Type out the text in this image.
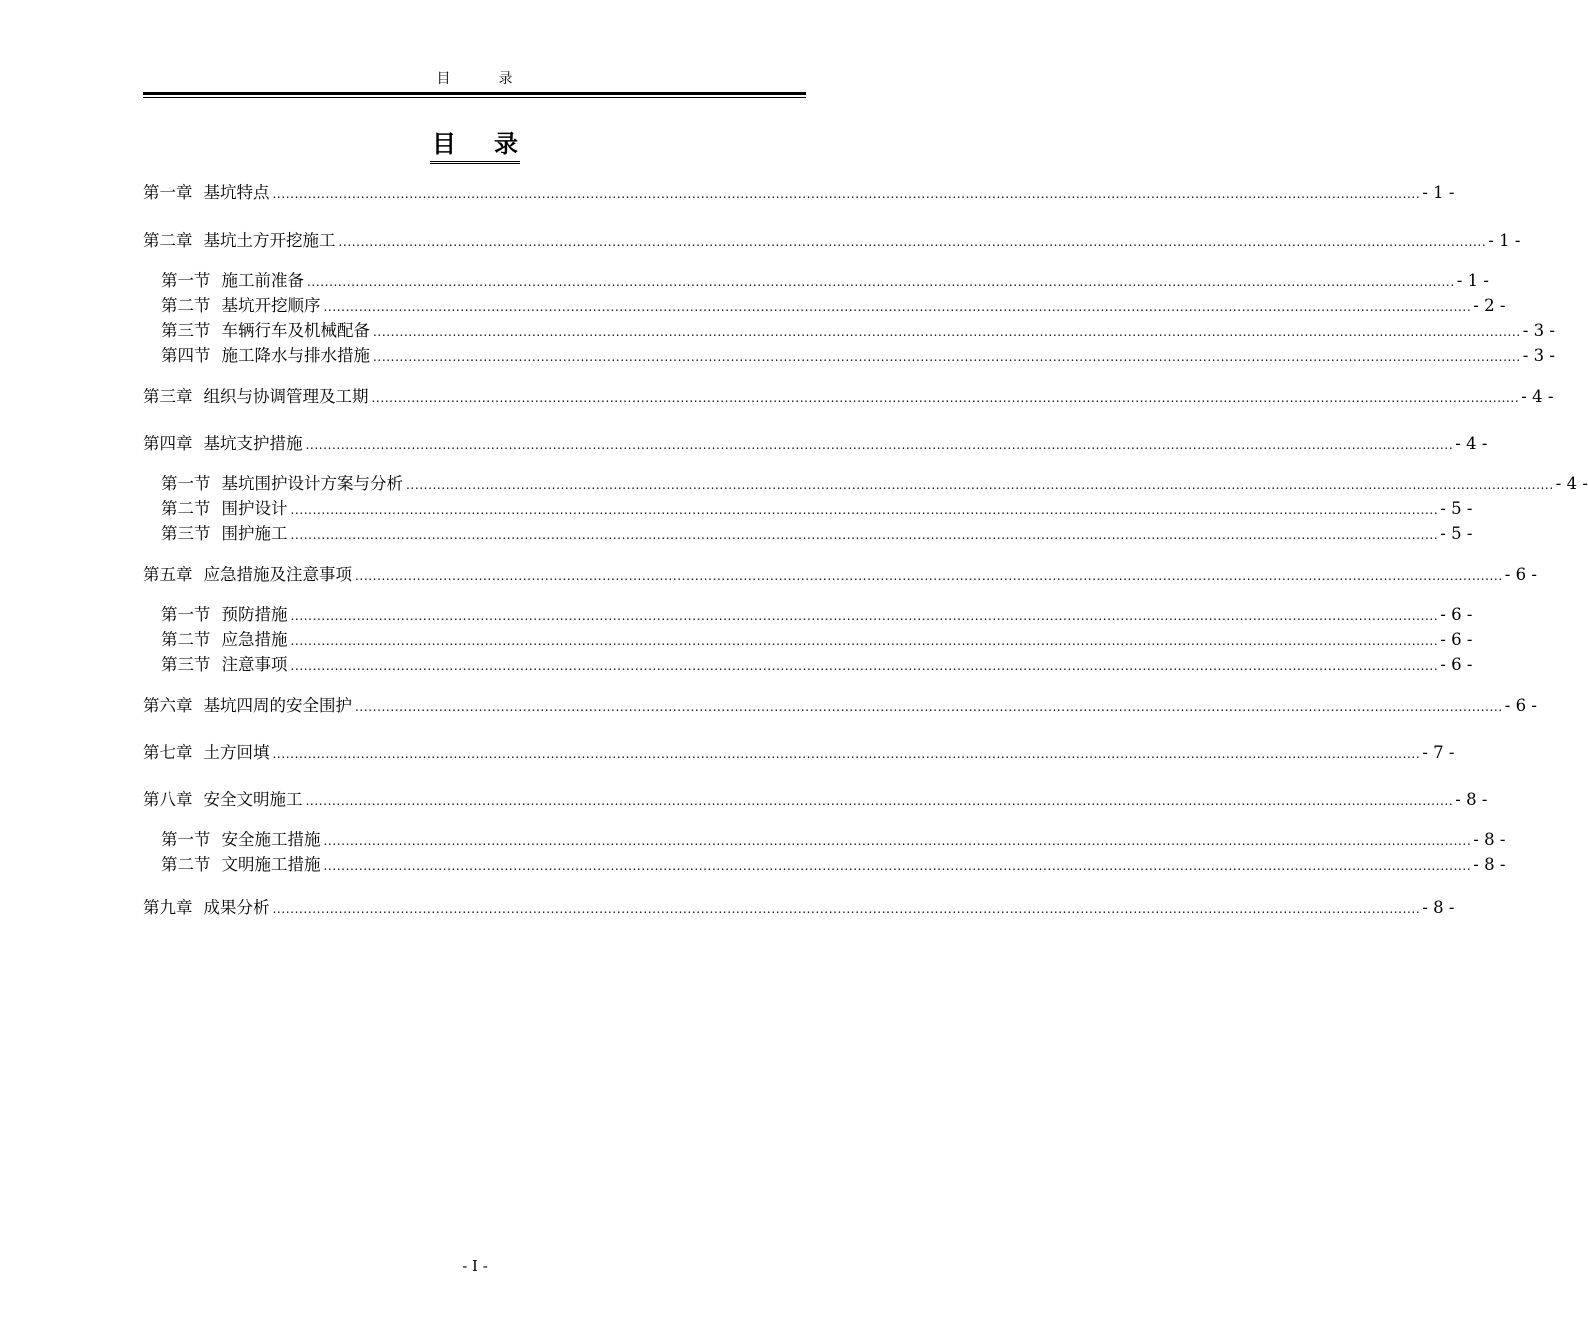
目	录
目 录
第一章 基坑特点 .................................................................................................................................................................................................................................................................... - 1 -
第二章 基坑土方开挖施工 .................................................................................................................................................................................................................................................................... - 1 -
第一节 施工前准备 .................................................................................................................................................................................................................................................................... - 1 -
第二节 基坑开挖顺序 .................................................................................................................................................................................................................................................................... - 2 -
第三节 车辆行车及机械配备 .................................................................................................................................................................................................................................................................... - 3 -
第四节 施工降水与排水措施 .................................................................................................................................................................................................................................................................... - 3 -
第三章 组织与协调管理及工期 .................................................................................................................................................................................................................................................................... - 4 -
第四章 基坑支护措施 .................................................................................................................................................................................................................................................................... - 4 -
第一节 基坑围护设计方案与分析 .................................................................................................................................................................................................................................................................... - 4 -
第二节 围护设计 .................................................................................................................................................................................................................................................................... - 5 -
第三节 围护施工 .................................................................................................................................................................................................................................................................... - 5 -
第五章 应急措施及注意事项 .................................................................................................................................................................................................................................................................... - 6 -
第一节 预防措施 .................................................................................................................................................................................................................................................................... - 6 -
第二节 应急措施 .................................................................................................................................................................................................................................................................... - 6 -
第三节 注意事项 .................................................................................................................................................................................................................................................................... - 6 -
第六章 基坑四周的安全围护 .................................................................................................................................................................................................................................................................... - 6 -
第七章 土方回填 .................................................................................................................................................................................................................................................................... - 7 -
第八章 安全文明施工 .................................................................................................................................................................................................................................................................... - 8 -
第一节 安全施工措施 .................................................................................................................................................................................................................................................................... - 8 -
第二节 文明施工措施 .................................................................................................................................................................................................................................................................... - 8 -
第九章 成果分析 .................................................................................................................................................................................................................................................................... - 8 -
- I -
